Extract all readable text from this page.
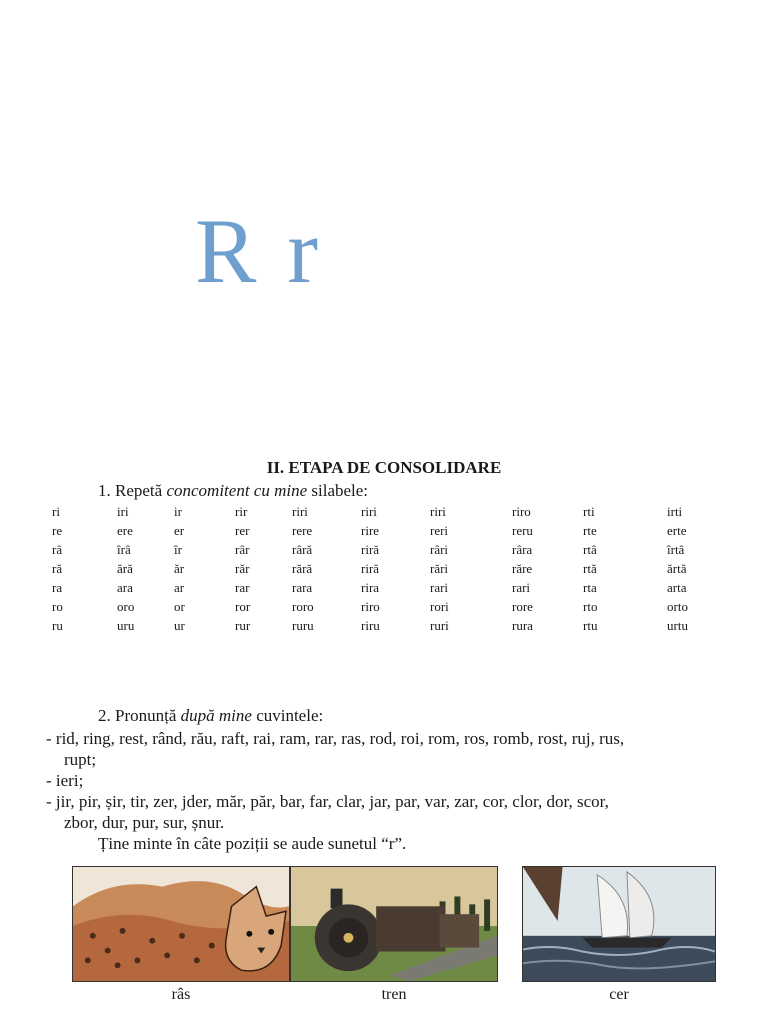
R r
II. ETAPA DE CONSOLIDARE
1. Repetă concomitent cu mine silabele:
ri	iri	ir	rir	riri	riri	riri	riro	rti	irti
re	ere	er	rer	rere	rire	reri	reru	rte	erte
râ	îrâ	îr	râr	râră	riră	râri	râra	rtâ	îrtâ
ră	ără	ăr	răr	rără	riră	rări	răre	rtă	ărtă
ra	ara	ar	rar	rara	rira	rari	rari	rta	arta
ro	oro	or	ror	roro	riro	rori	rore	rto	orto
ru	uru	ur	rur	ruru	riru	ruri	rura	rtu	urtu
2. Pronunță după mine cuvintele:
- rid, ring, rest, rând, rău, raft, rai, ram, rar, ras, rod, roi, rom, ros, romb, rost, ruj, rus,
rupt;
- ieri;
- jir, pir, șir, tir, zer, jder, măr, păr, bar, far, clar, jar, par, var, zar, cor, clor, dor, scor,
zbor, dur, pur, sur, șnur.
Ține minte în câte poziții se aude sunetul “r”.
râs	tren	cer
